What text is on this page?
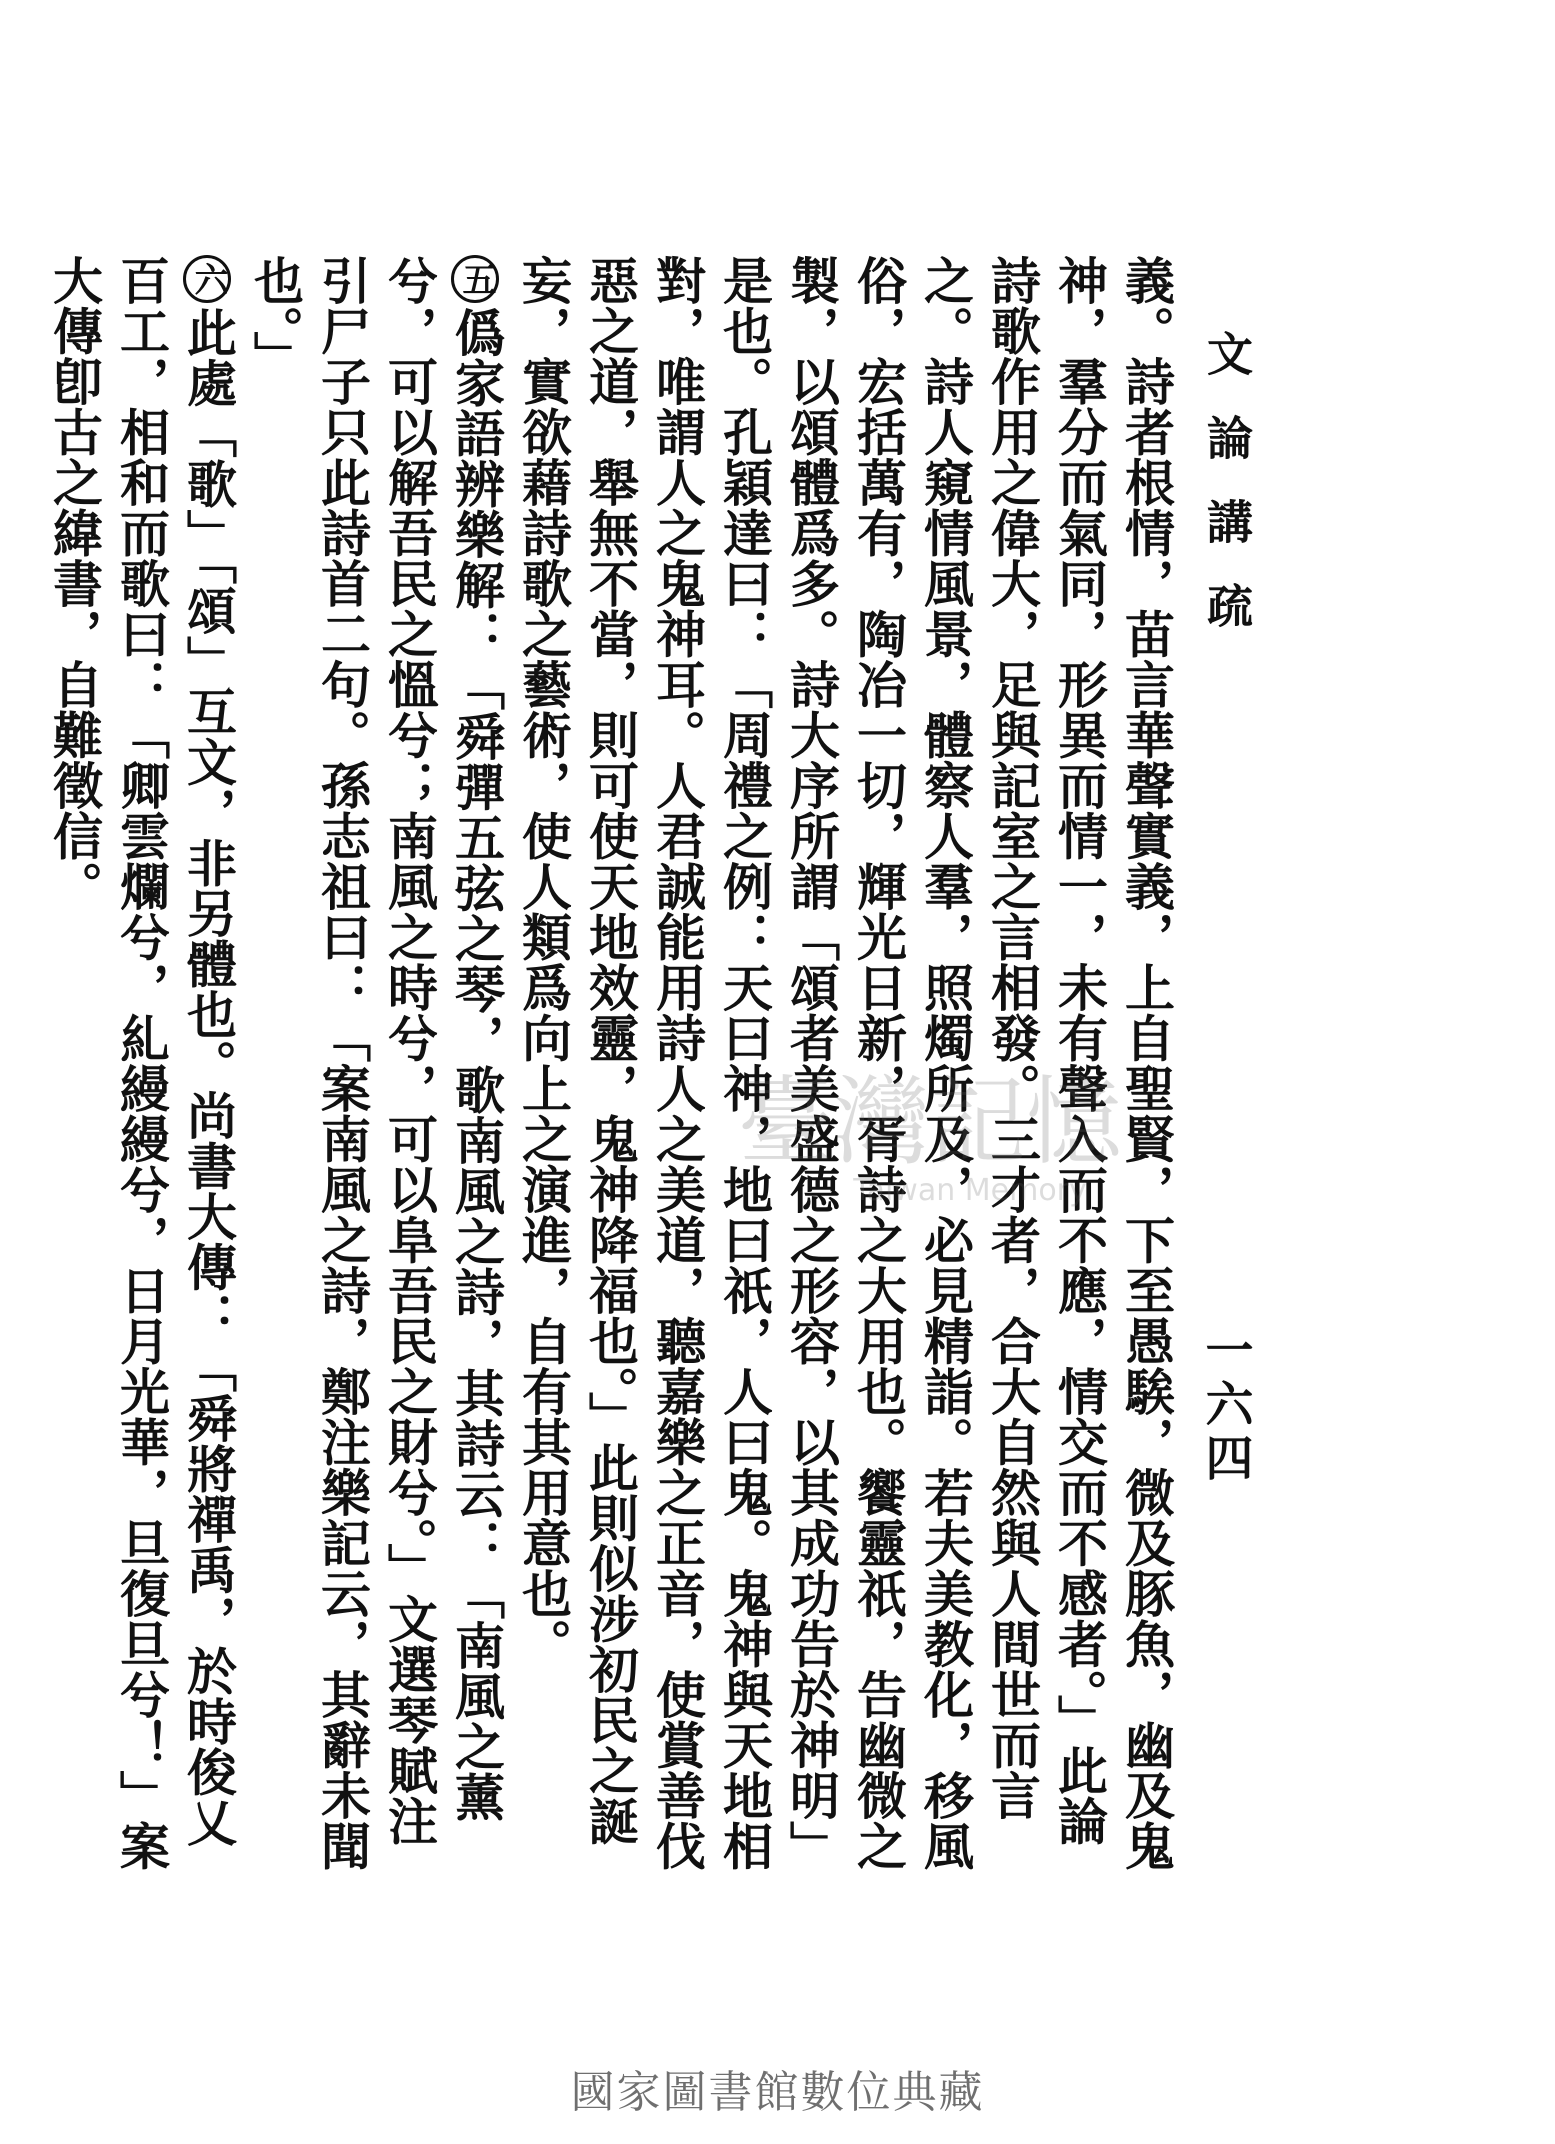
文論講疏
一六四

義。詩者根情，苗言華聲實義，上自聖賢，下至愚騃，微及豚魚，幽及鬼神，羣分而氣同，形異而情一，未有聲入而不應，情交而不感者。」此論詩歌作用之偉大，足與記室之言相發。三才者，合大自然與人間世而言之。詩人窺情風景，體察人羣，照燭所及，必見精詣。若夫美教化，移風俗，宏括萬有，陶冶一切，輝光日新，胥詩之大用也。饗靈祇，告幽微之製，以頌體爲多。詩大序所謂「頌者美盛德之形容，以其成功告於神明」是也。孔穎達曰：「周禮之例：天曰神，地曰祇，人曰鬼。鬼神與天地相對，唯謂人之鬼神耳。人君誠能用詩人之美道，聽嘉樂之正音，使賞善伐惡之道，舉無不當，則可使天地效靈，鬼神降福也。」此則似涉初民之誕妄，實欲藉詩歌之藝術，使人類爲向上之演進，自有其用意也。

五僞家語辨樂解：「舜彈五弦之琴，歌南風之詩，其詩云：「南風之薰兮，可以解吾民之慍兮；南風之時兮，可以阜吾民之財兮。」文選琴賦注引尸子只此詩首二句。孫志祖曰：「案南風之詩，鄭注樂記云，其辭未聞也。」

六此處「歌」「頌」互文，非另體也。尚書大傳：「舜將禪禹，於時俊乂百工，相和而歌曰：「卿雲爛兮，糺縵縵兮，日月光華，旦復旦兮！」案大傳卽古之緯書，自難徵信。

臺灣記憶
Taiwan Memory
國家圖書館數位典藏
